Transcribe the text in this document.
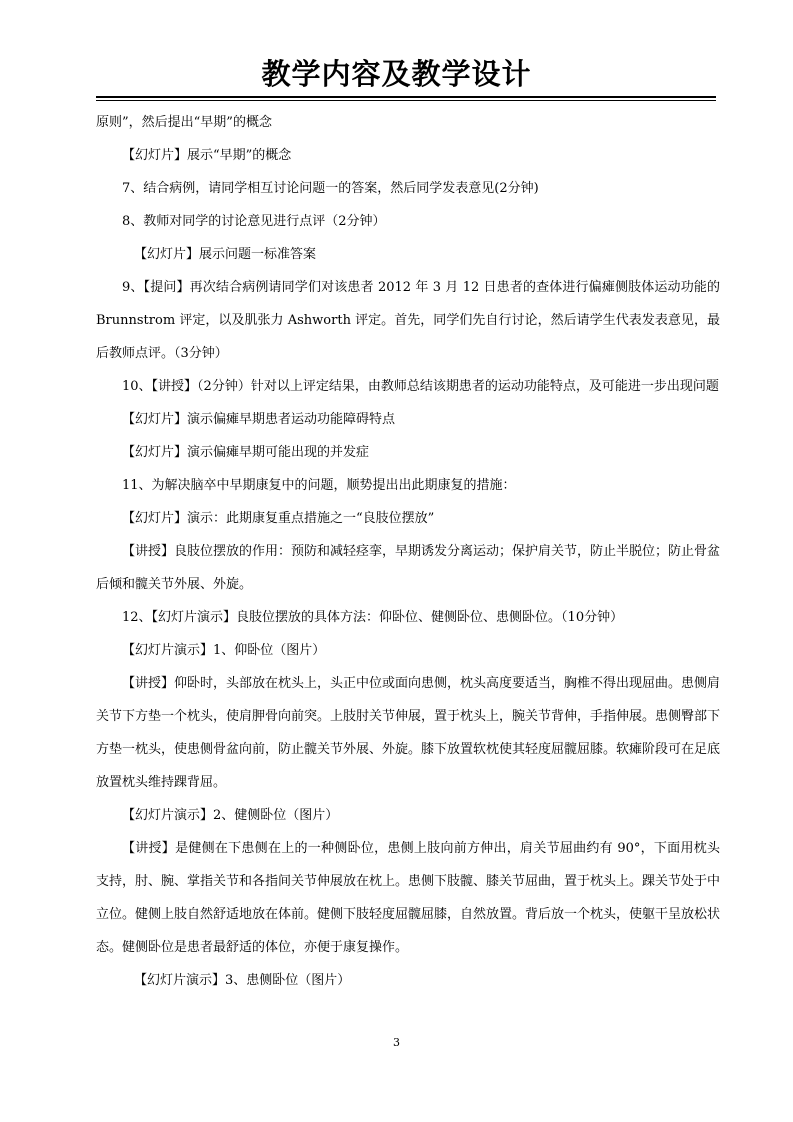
教学内容及教学设计

原则”，然后提出“早期”的概念

【幻灯片】展示“早期”的概念

7、结合病例，请同学相互讨论问题一的答案，然后同学发表意见(2分钟)

8、教师对同学的讨论意见进行点评（2分钟）

【幻灯片】展示问题一标准答案

9、【提问】再次结合病例请同学们对该患者 2012 年 3 月 12 日患者的查体进行偏瘫侧肢体运动功能的 Brunnstrom 评定，以及肌张力 Ashworth 评定。首先，同学们先自行讨论，然后请学生代表发表意见，最后教师点评。（3分钟）

10、【讲授】（2分钟）针对以上评定结果，由教师总结该期患者的运动功能特点，及可能进一步出现问题

【幻灯片】演示偏瘫早期患者运动功能障碍特点

【幻灯片】演示偏瘫早期可能出现的并发症

11、为解决脑卒中早期康复中的问题，顺势提出出此期康复的措施：

【幻灯片】演示：此期康复重点措施之一“良肢位摆放”

【讲授】良肢位摆放的作用：预防和减轻痉挛，早期诱发分离运动；保护肩关节，防止半脱位；防止骨盆后倾和髋关节外展、外旋。

12、【幻灯片演示】良肢位摆放的具体方法：仰卧位、健侧卧位、患侧卧位。（10分钟）

【幻灯片演示】1、仰卧位（图片）

【讲授】仰卧时，头部放在枕头上，头正中位或面向患侧，枕头高度要适当，胸椎不得出现屈曲。患侧肩关节下方垫一个枕头，使肩胛骨向前突。上肢肘关节伸展，置于枕头上，腕关节背伸，手指伸展。患侧臀部下方垫一枕头，使患侧骨盆向前，防止髋关节外展、外旋。膝下放置软枕使其轻度屈髋屈膝。软瘫阶段可在足底放置枕头维持踝背屈。

【幻灯片演示】2、健侧卧位（图片）

【讲授】是健侧在下患侧在上的一种侧卧位，患侧上肢向前方伸出，肩关节屈曲约有 90°，下面用枕头支持，肘、腕、掌指关节和各指间关节伸展放在枕上。患侧下肢髋、膝关节屈曲，置于枕头上。踝关节处于中立位。健侧上肢自然舒适地放在体前。健侧下肢轻度屈髋屈膝，自然放置。背后放一个枕头，使躯干呈放松状态。健侧卧位是患者最舒适的体位，亦便于康复操作。

【幻灯片演示】3、患侧卧位（图片）

3
